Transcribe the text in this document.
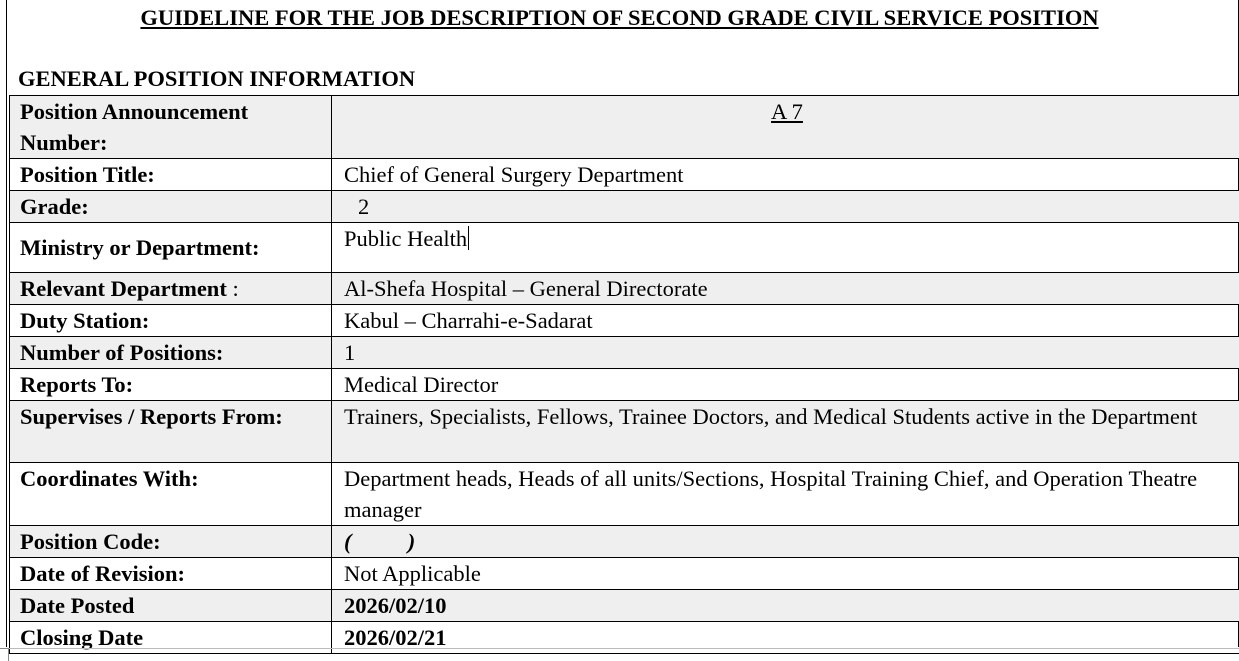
GUIDELINE FOR THE JOB DESCRIPTION OF SECOND GRADE CIVIL SERVICE POSITION
GENERAL POSITION INFORMATION
Position Announcement Number:	A 7
Position Title:	Chief of General Surgery Department
Grade:	2
Ministry or Department:	Public Health
Relevant Department :	Al-Shefa Hospital – General Directorate
Duty Station:	Kabul – Charrahi-e-Sadarat
Number of Positions:	1
Reports To:	Medical Director
Supervises / Reports From:	Trainers, Specialists, Fellows, Trainee Doctors, and Medical Students active in the Department
Coordinates With:	Department heads, Heads of all units/Sections, Hospital Training Chief, and Operation Theatre manager
Position Code:	(          )
Date of Revision:	Not Applicable
Date Posted	2026/02/10
Closing Date	2026/02/21
